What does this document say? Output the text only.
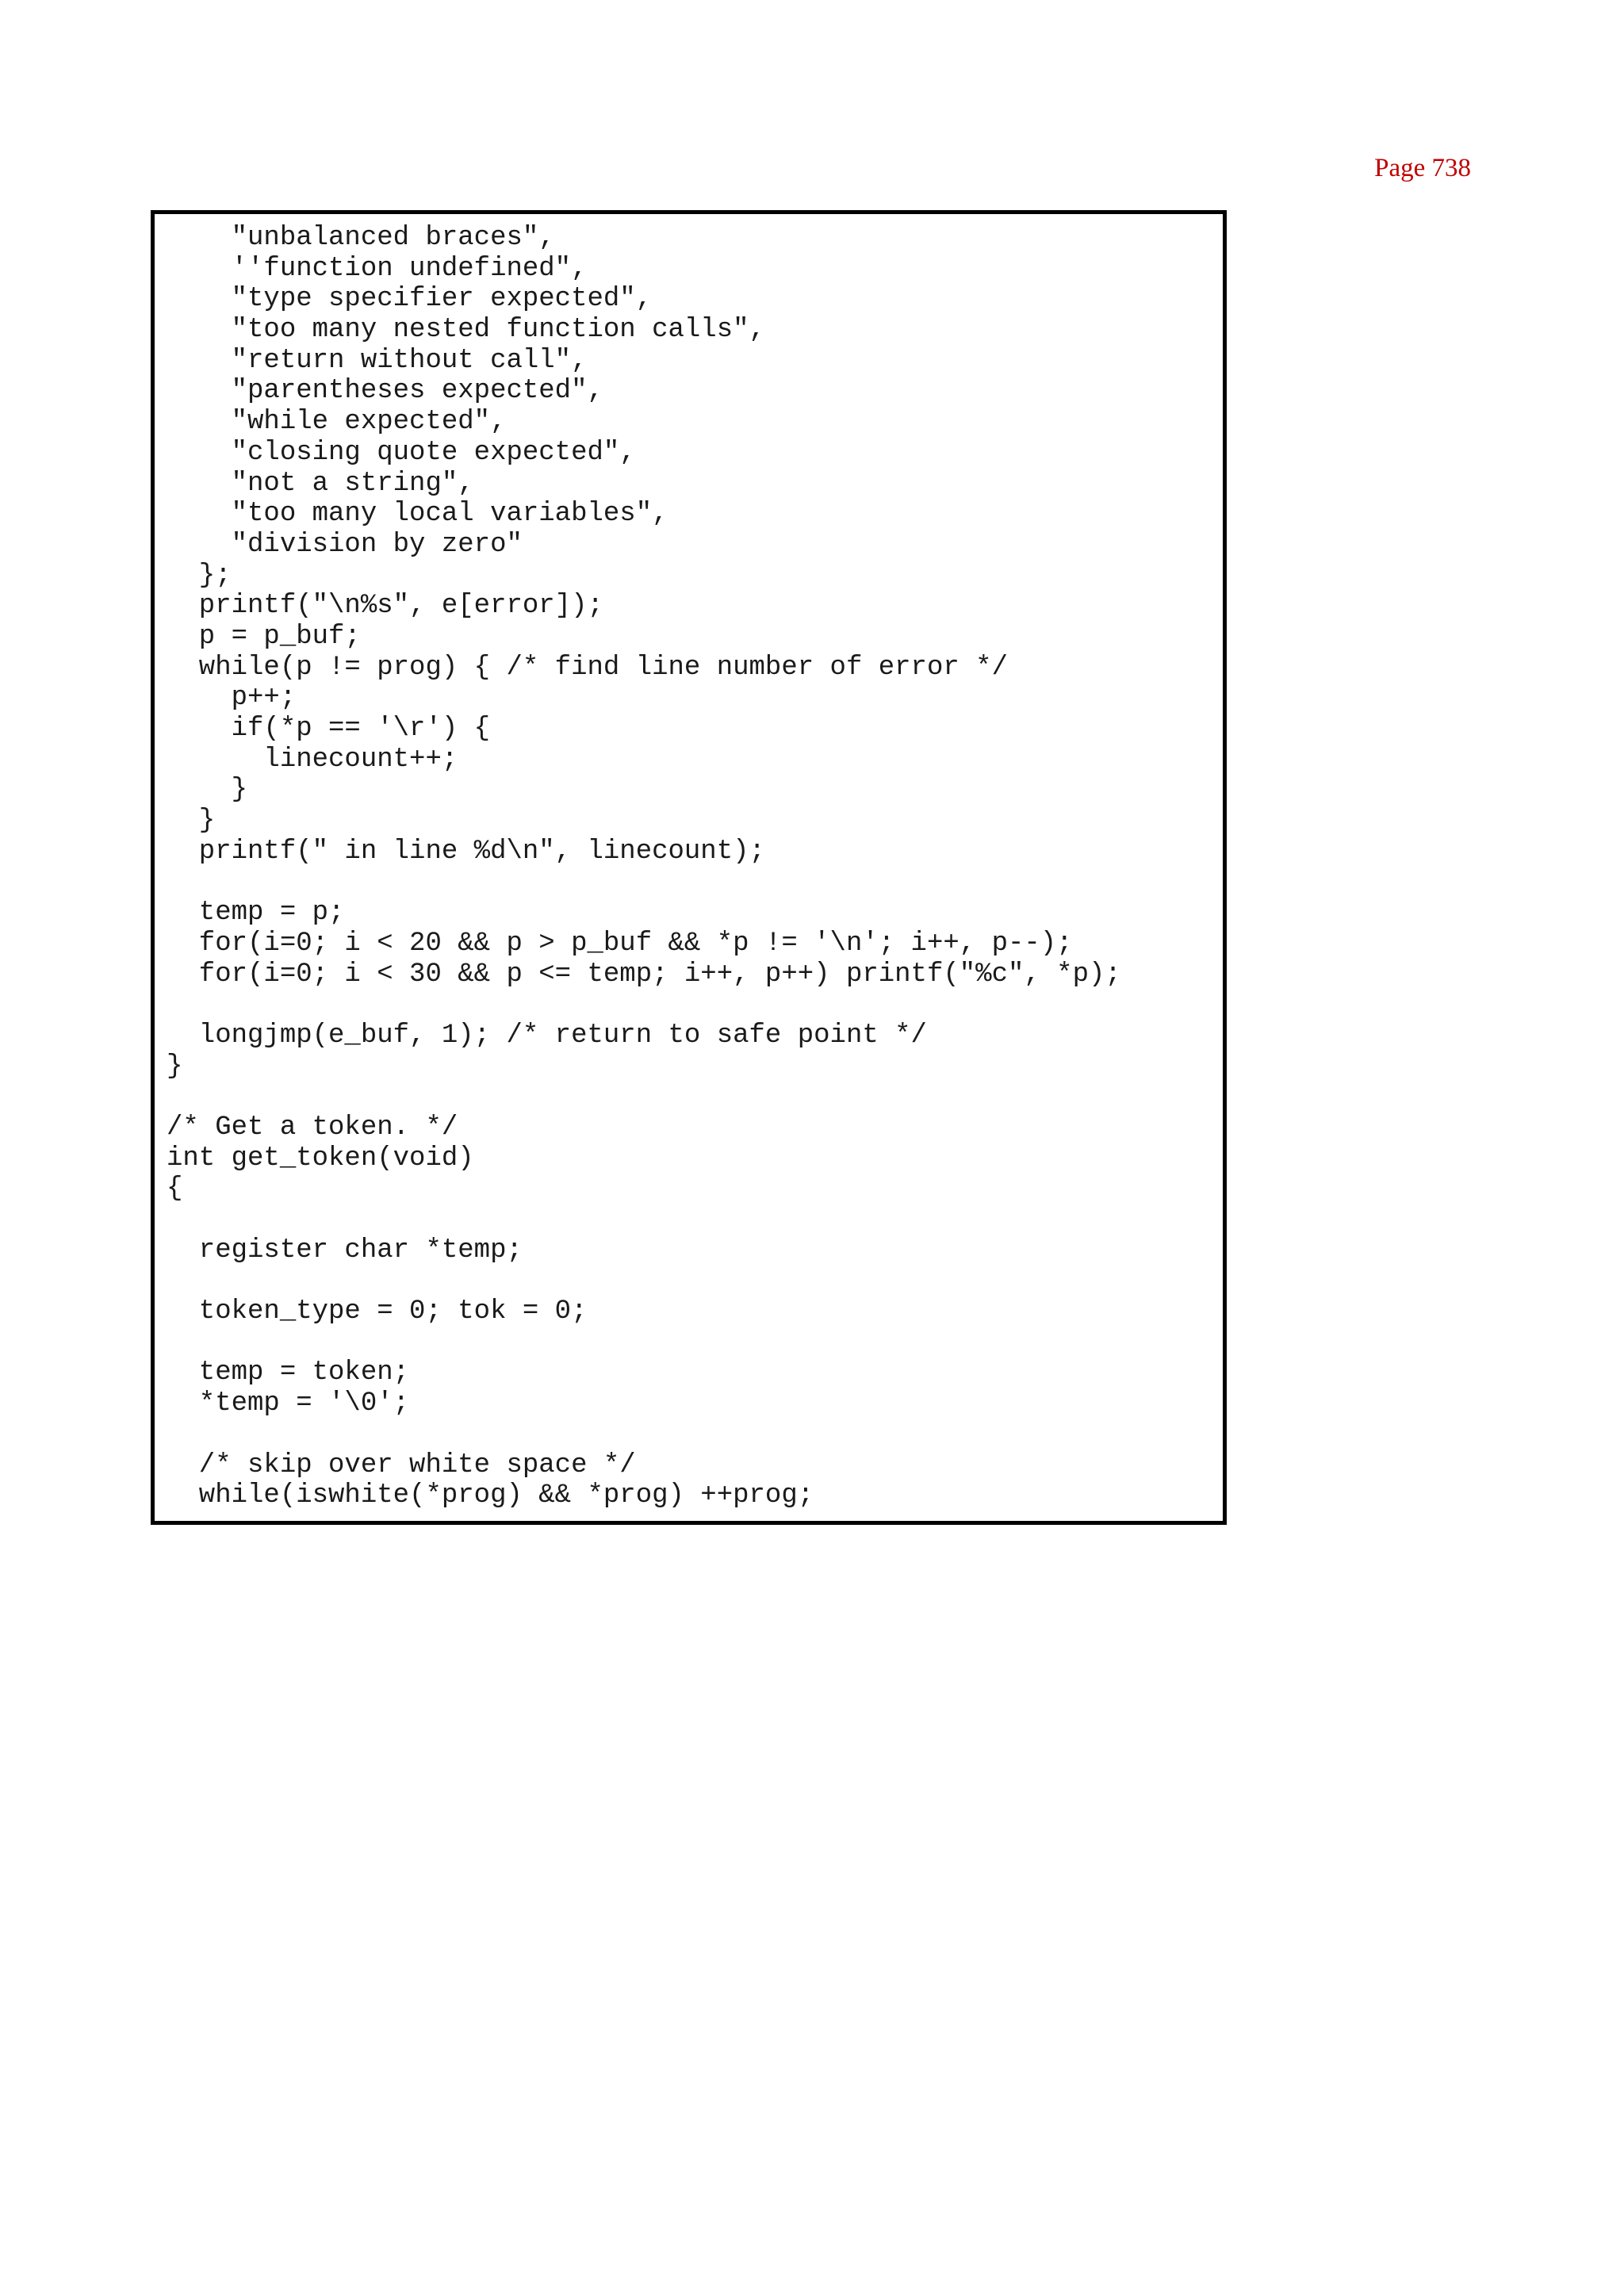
Page 738
"unbalanced braces",
''function undefined",
"type specifier expected",
"too many nested function calls",
"return without call",
"parentheses expected",
"while expected",
"closing quote expected",
"not a string",
"too many local variables",
"division by zero"
};
printf("\n%s", e[error]);
p = p_buf;
while(p != prog) { /* find line number of error */
p++;
if(*p == '\r') {
linecount++;
}
}
printf(" in line %d\n", linecount);
temp = p;
for(i=0; i < 20 && p > p_buf && *p != '\n'; i++, p--);
for(i=0; i < 30 && p <= temp; i++, p++) printf("%c", *p);
longjmp(e_buf, 1); /* return to safe point */
}
/* Get a token. */
int get_token(void)
{
register char *temp;
token_type = 0; tok = 0;
temp = token;
*temp = '\0';
/* skip over white space */
while(iswhite(*prog) && *prog) ++prog;
